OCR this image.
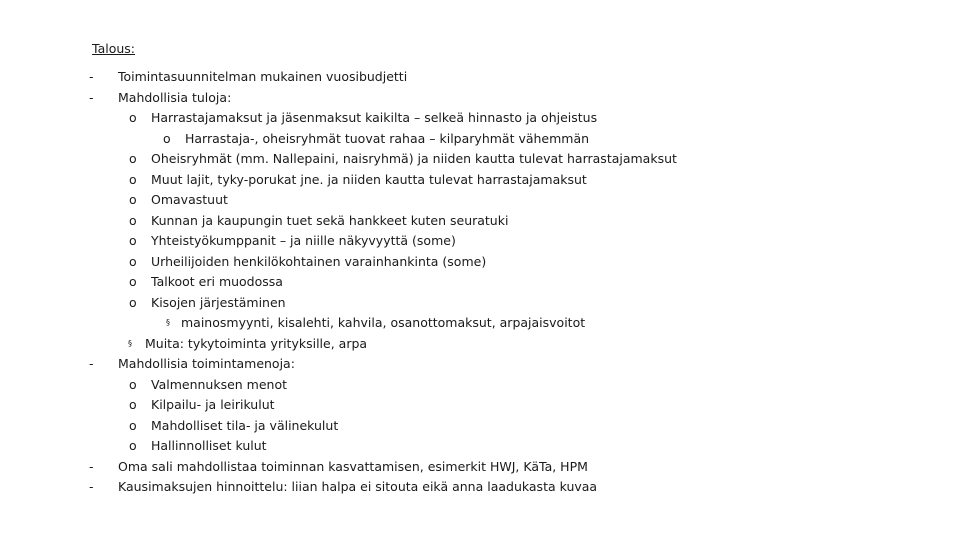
Talous:
- Toimintasuunnitelman mukainen vuosibudjetti
- Mahdollisia tuloja:
o Harrastajamaksut ja jäsenmaksut kaikilta – selkeä hinnasto ja ohjeistus
o Harrastaja-, oheisryhmät tuovat rahaa – kilparyhmät vähemmän
o Oheisryhmät (mm. Nallepaini, naisryhmä) ja niiden kautta tulevat harrastajamaksut
o Muut lajit, tyky-porukat jne. ja niiden kautta tulevat harrastajamaksut
o Omavastuut
o Kunnan ja kaupungin tuet sekä hankkeet kuten seuratuki
o Yhteistyökumppanit – ja niille näkyvyyttä (some)
o Urheilijoiden henkilökohtainen varainhankinta (some)
o Talkoot eri muodossa
o Kisojen järjestäminen
§ mainosmyynti, kisalehti, kahvila, osanottomaksut, arpajaisvoitot
§ Muita: tykytoiminta yrityksille, arpa
- Mahdollisia toimintamenoja:
o Valmennuksen menot
o Kilpailu- ja leirikulut
o Mahdolliset tila- ja välinekulut
o Hallinnolliset kulut
- Oma sali mahdollistaa toiminnan kasvattamisen, esimerkit HWJ, KäTa, HPM
- Kausimaksujen hinnoittelu: liian halpa ei sitouta eikä anna laadukasta kuvaa
